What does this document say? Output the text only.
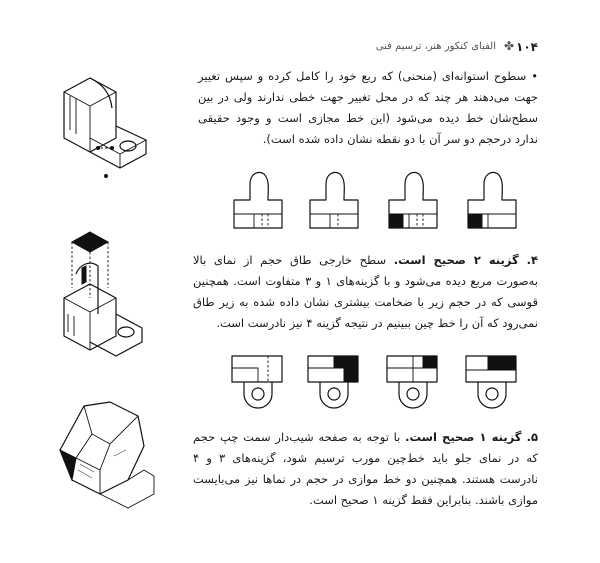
۱۰۴
✤
الفبای کنکور هنر، ترسیم فنی
• سطوح استوانه‌ای (منحنی) که ربع خود را کامل کرده و سپس تغییر جهت می‌دهند هر چند که در محل تغییر جهت خطی ندارند ولی در بین سطح‌شان خط دیده می‌شود (این خط مجازی است و وجود حقیقی ندارد درحجم دو سر آن با دو نقطه نشان داده شده است).
۴. گزینه ۲ صحیح است. سطح خارجی طاق حجم از نمای بالا به‌صورت مربع دیده می‌شود و با گزینه‌های ۱ و ۳ متفاوت است. همچنین قوسی که در حجم زیر با ضخامت بیشتری نشان داده شده به زیر طاق نمی‌رود که آن را خط چین ببینیم در نتیجه گزینه ۴ نیز نادرست است.
۵. گزینه ۱ صحیح است. با توجه به صفحه شیب‌دار سمت چپ حجم که در نمای جلو باید خط‌چین مورب ترسیم شود، گزینه‌های ۳ و ۴ نادرست هستند. همچنین دو خط موازی در حجم در نماها نیز می‌بایست موازی باشند. بنابراین فقط گزینه ۱ صحیح است.
